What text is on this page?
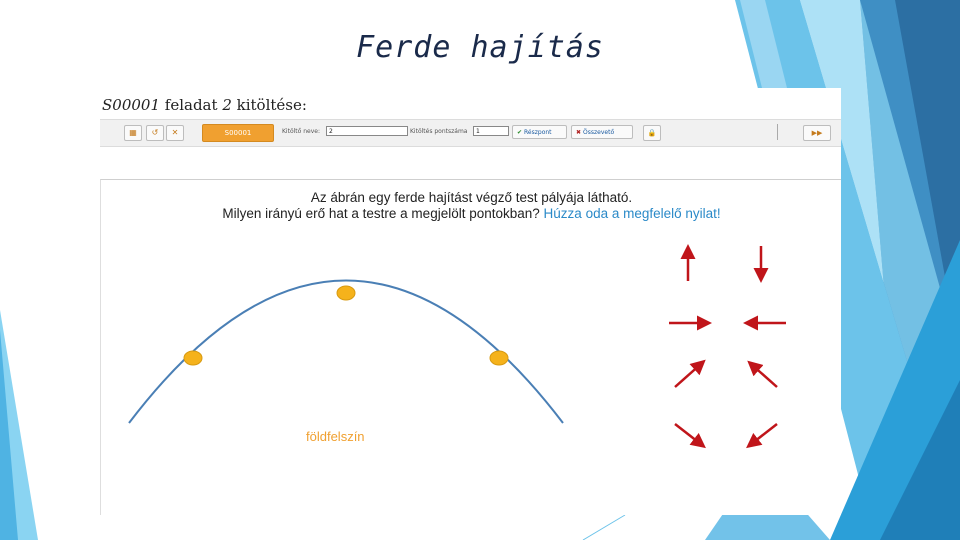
Ferde hajítás
S00001 feladat 2 kitöltése:
▦	↺	✕	S00001	Kitöltő neve:	2	Kitöltés pontszáma	1	✔ Részpont	✖ Összevető	🔒	▶▶
Az ábrán egy ferde hajítást végző test pályája látható.
Milyen irányú erő hat a testre a megjelölt pontokban? Húzza oda a megfelelő nyilat!
földfelszín
